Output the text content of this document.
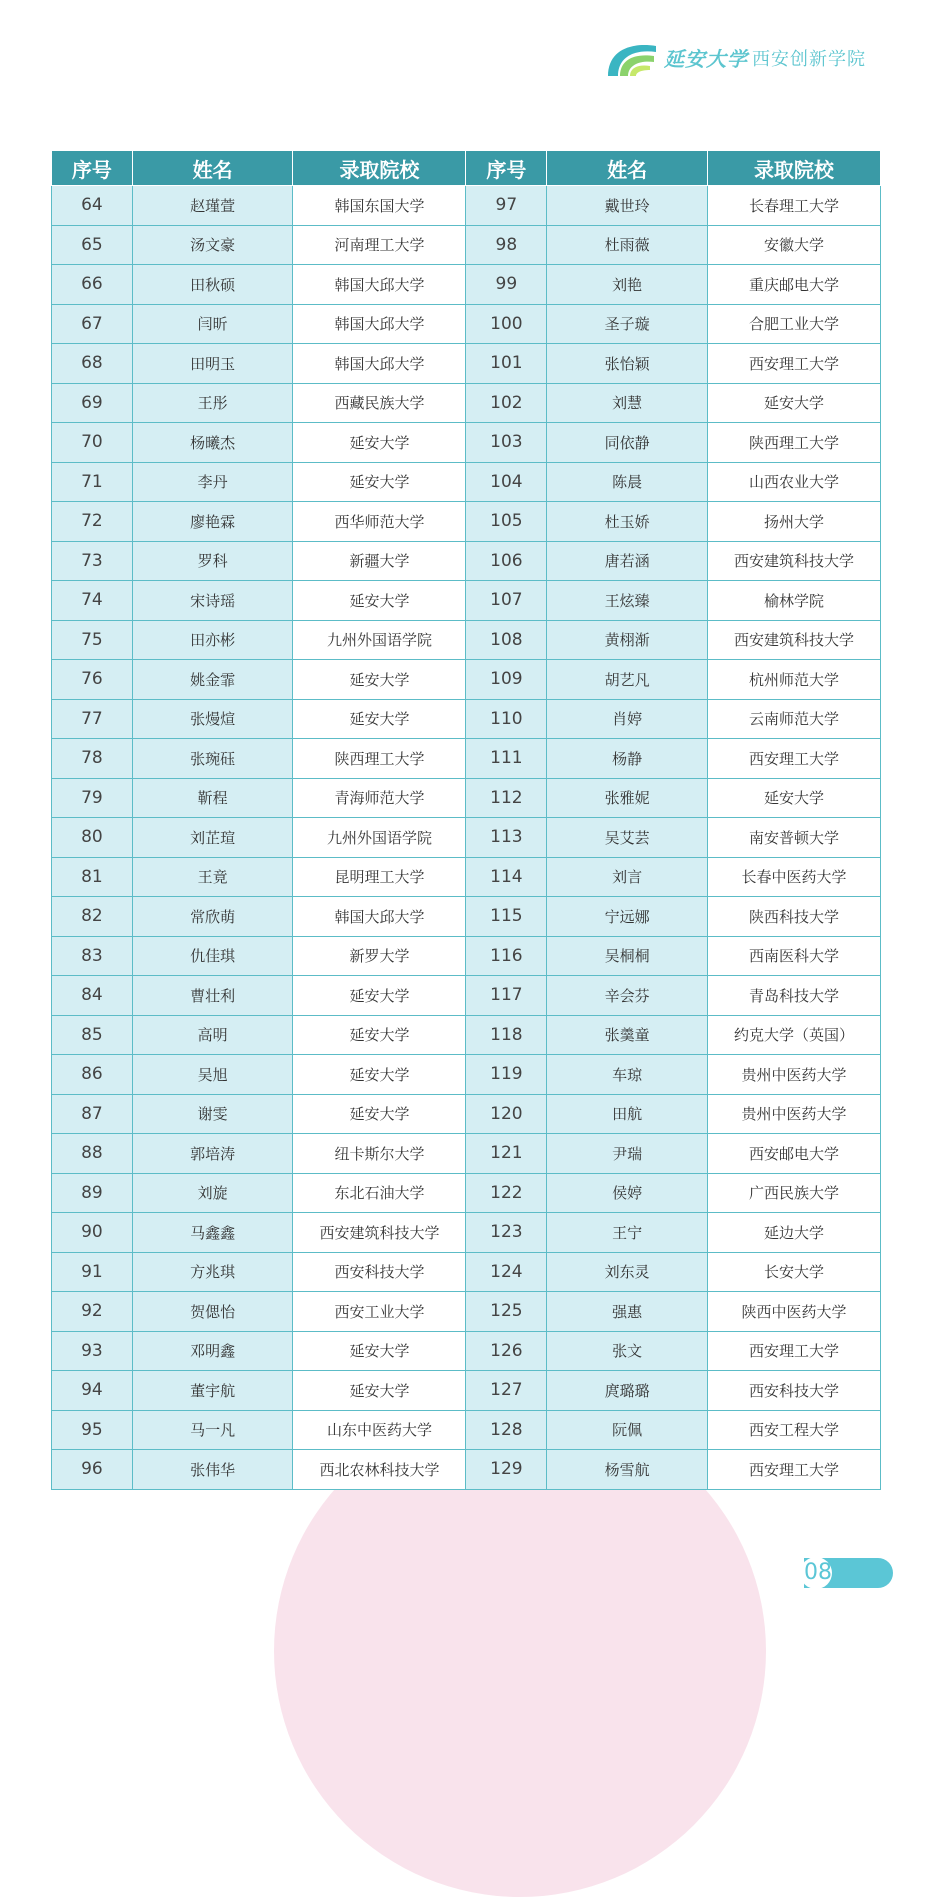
延安大学 西安创新学院
序号	姓名	录取院校	序号	姓名	录取院校
64	赵瑾萱	韩国东国大学	97	戴世玲	长春理工大学
65	汤文豪	河南理工大学	98	杜雨薇	安徽大学
66	田秋硕	韩国大邱大学	99	刘艳	重庆邮电大学
67	闫昕	韩国大邱大学	100	圣子璇	合肥工业大学
68	田明玉	韩国大邱大学	101	张怡颖	西安理工大学
69	王彤	西藏民族大学	102	刘慧	延安大学
70	杨曦杰	延安大学	103	同依静	陕西理工大学
71	李丹	延安大学	104	陈晨	山西农业大学
72	廖艳霖	西华师范大学	105	杜玉娇	扬州大学
73	罗科	新疆大学	106	唐若涵	西安建筑科技大学
74	宋诗瑶	延安大学	107	王炫臻	榆林学院
75	田亦彬	九州外国语学院	108	黄栩渐	西安建筑科技大学
76	姚金霏	延安大学	109	胡艺凡	杭州师范大学
77	张熳煊	延安大学	110	肖婷	云南师范大学
78	张琬砡	陕西理工大学	111	杨静	西安理工大学
79	靳程	青海师范大学	112	张雅妮	延安大学
80	刘芷瑄	九州外国语学院	113	吴艾芸	南安普顿大学
81	王竟	昆明理工大学	114	刘言	长春中医药大学
82	常欣萌	韩国大邱大学	115	宁远娜	陕西科技大学
83	仇佳琪	新罗大学	116	吴桐桐	西南医科大学
84	曹壮利	延安大学	117	辛会芬	青岛科技大学
85	高明	延安大学	118	张羹童	约克大学（英国）
86	吴旭	延安大学	119	车琼	贵州中医药大学
87	谢雯	延安大学	120	田航	贵州中医药大学
88	郭培涛	纽卡斯尔大学	121	尹瑞	西安邮电大学
89	刘旋	东北石油大学	122	侯婷	广西民族大学
90	马鑫鑫	西安建筑科技大学	123	王宁	延边大学
91	方兆琪	西安科技大学	124	刘东灵	长安大学
92	贺偲怡	西安工业大学	125	强惠	陕西中医药大学
93	邓明鑫	延安大学	126	张文	西安理工大学
94	董宇航	延安大学	127	庹璐璐	西安科技大学
95	马一凡	山东中医药大学	128	阮佩	西安工程大学
96	张伟华	西北农林科技大学	129	杨雪航	西安理工大学
08
